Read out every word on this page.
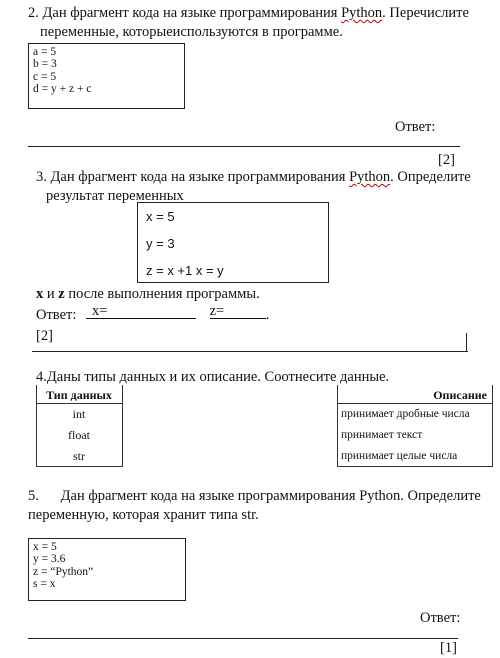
2. Дан фрагмент кода на языке программирования Python. Перечислите
переменные, которыеиспользуются в программе.
a = 5
b = 3
c = 5
d = y + z + c
Ответ:
[2]
3. Дан фрагмент кода на языке программирования Python. Определите
результат переменных
x = 5
y = 3
z = x +1 x = y
x и z после выполнения программы.
Ответ: x=
	z=	.
[2]
4.Даны типы данных и их описание. Соотнесите данные.
Тип данных
int
float
str
Описание
принимает дробные числа
принимает текст
принимает целые числа
5.      Дан фрагмент кода на языке программирования Python. Определите
переменную, которая хранит типа str.
x = 5
y = 3.6
z = “Python”
s = x
Ответ:
[1]
